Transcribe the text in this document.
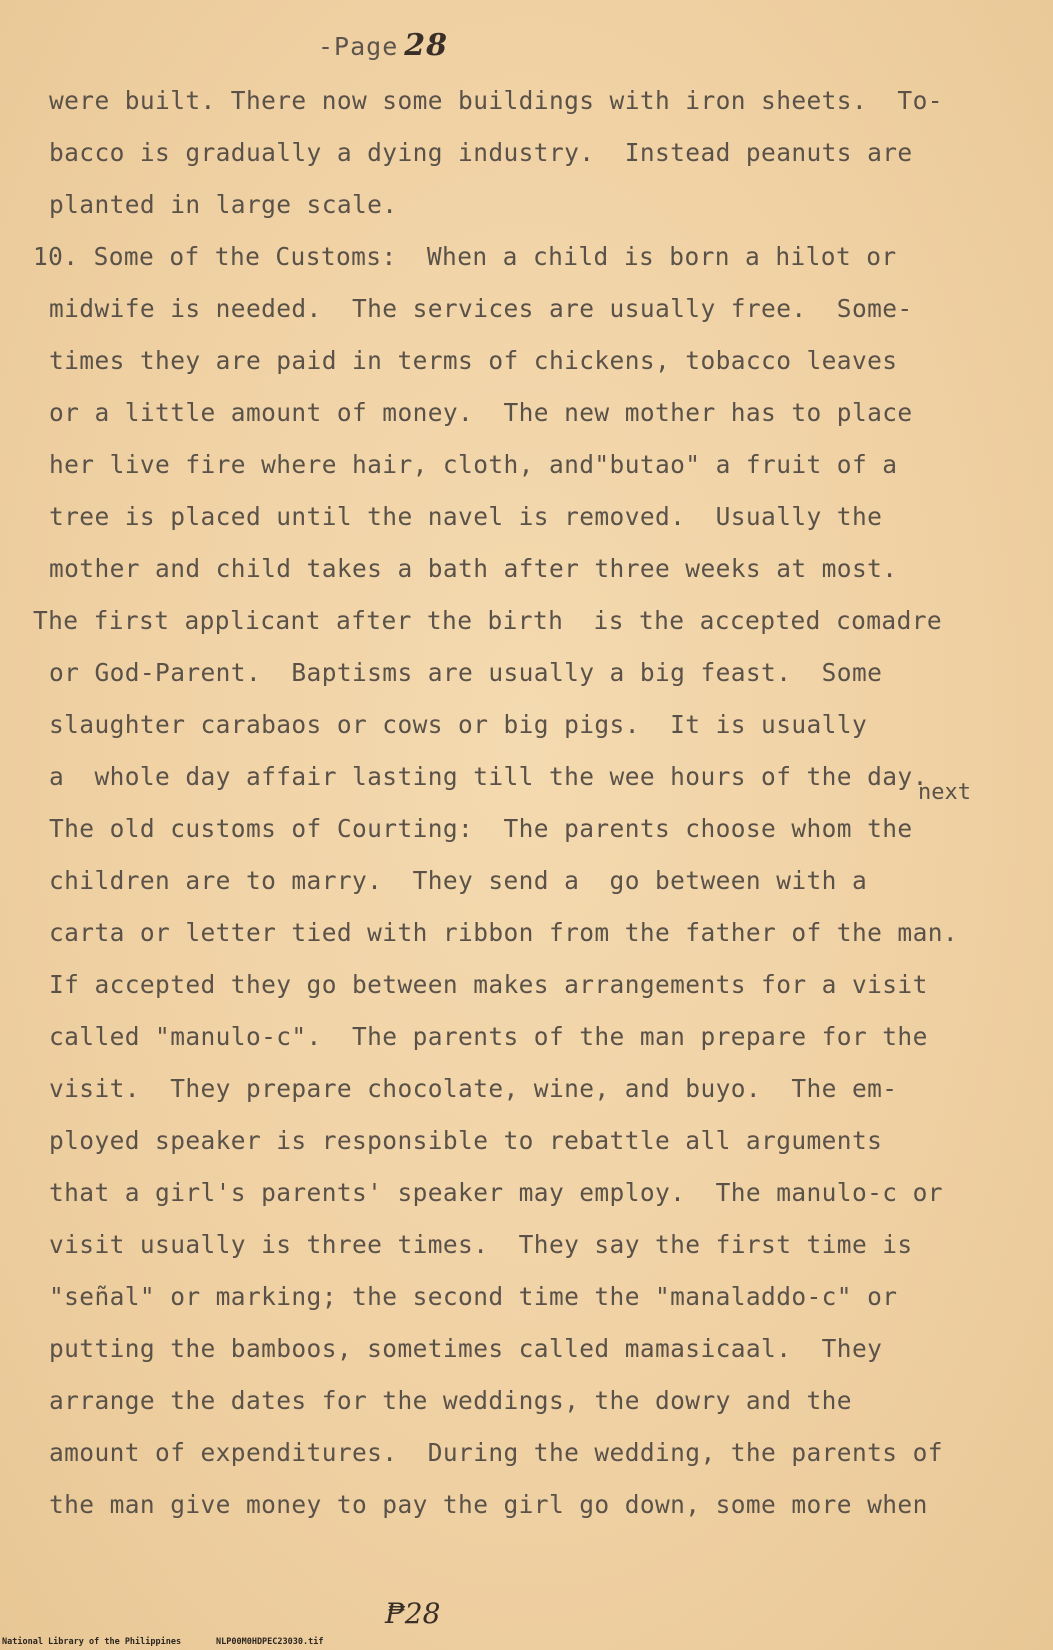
-Page 28
were built. There now some buildings with iron sheets.  To-
bacco is gradually a dying industry.  Instead peanuts are
planted in large scale.
10. Some of the Customs:  When a child is born a hilot or
midwife is needed.  The services are usually free.  Some-
times they are paid in terms of chickens, tobacco leaves
or a little amount of money.  The new mother has to place
her live fire where hair, cloth, and"butao" a fruit of a
tree is placed until the navel is removed.  Usually the
mother and child takes a bath after three weeks at most.
The first applicant after the birth  is the accepted comadre
or God-Parent.  Baptisms are usually a big feast.  Some
slaughter carabaos or cows or big pigs.  It is usually
next
a  whole day affair lasting till the wee hours of the day.
The old customs of Courting:  The parents choose whom the
children are to marry.  They send a  go between with a
carta or letter tied with ribbon from the father of the man.
If accepted they go between makes arrangements for a visit
called "manulo-c".  The parents of the man prepare for the
visit.  They prepare chocolate, wine, and buyo.  The em-
ployed speaker is responsible to rebattle all arguments
that a girl's parents' speaker may employ.  The manulo-c or
visit usually is three times.  They say the first time is
"señal" or marking; the second time the "manaladdo-c" or
putting the bamboos, sometimes called mamasicaal.  They
arrange the dates for the weddings, the dowry and the
amount of expenditures.  During the wedding, the parents of
the man give money to pay the girl go down, some more when
₱28
National Library of the Philippines	NLP00M0HDPEC23030.tif
